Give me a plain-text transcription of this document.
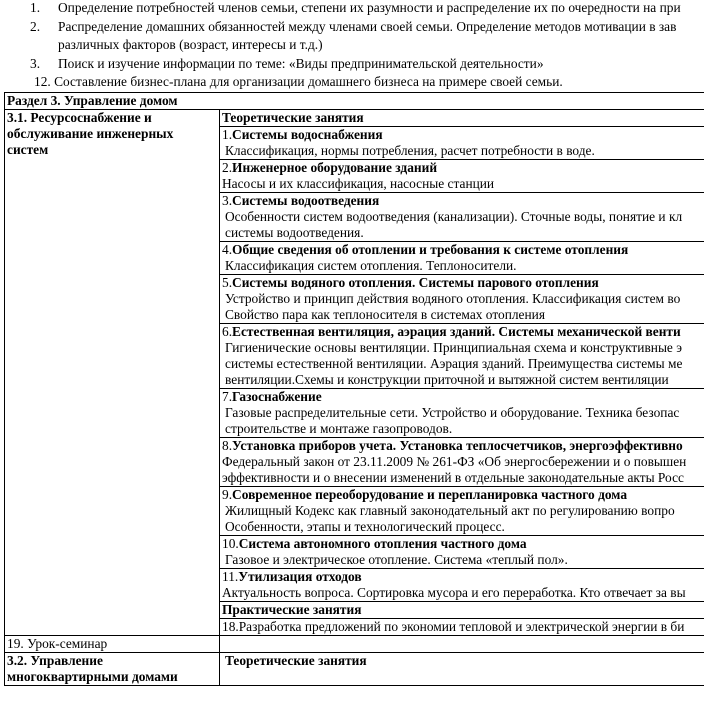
1. Определение потребностей членов семьи, степени их разумности и распределение их по очередности на при
2. Распределение домашних обязанностей между членами своей семьи. Определение методов мотивации в зав
различных факторов (возраст, интересы и т.д.)
3. Поиск и изучение информации по теме: «Виды предпринимательской деятельности»
12. Составление бизнес-плана для организации домашнего бизнеса на примере своей семьи.
Раздел 3. Управление домом	

3.1. Ресурсоснабжение и
обслуживание инженерных
систем	Теоретические занятия

	1.Системы водоснабжения
Классификация, нормы потребления, расчет потребности в воде.

	2.Инженерное оборудование зданий
Насосы и их классификация, насосные станции

	3.Системы водоотведения
Особенности систем водоотведения (канализации). Сточные воды, понятие и кл
системы водоотведения.

	4.Общие сведения об отоплении и требования к системе отопления
Классификация систем отопления. Теплоносители.

	5.Системы водяного отопления. Системы парового отопления
Устройство и принцип действия водяного отопления. Классификация систем во
Свойство пара как теплоносителя в системах отопления

	6.Естественная вентиляция, аэрация зданий. Системы механической венти
Гигиенические основы вентиляции. Принципиальная схема и конструктивные э
системы естественной вентиляции. Аэрация зданий. Преимущества системы ме
вентиляции.Схемы и конструкции приточной и вытяжной систем вентиляции

	7.Газоснабжение
Газовые распределительные сети. Устройство и оборудование. Техника безопас
строительстве и монтаже газопроводов.

	8.Установка приборов учета. Установка теплосчетчиков, энергоэффективно
Федеральный закон от 23.11.2009 № 261-ФЗ «Об энергосбережении и о повышен
эффективности и о внесении изменений в отдельные законодательные акты Росс

	9.Современное переоборудование и перепланировка частного дома
Жилищный Кодекс как главный законодательный акт по регулированию вопро
Особенности, этапы и технологический процесс.

	10.Система автономного отопления частного дома
Газовое и электрическое отопление. Система «теплый пол».

	11.Утилизация отходов
Актуальность вопроса. Сортировка мусора и его переработка. Кто отвечает за вы

	Практические занятия
	18.Разработка предложений по экономии тепловой и электрической энергии в би
19. Урок-семинар	

3.2. Управление
многоквартирными домами	Теоретические занятия
